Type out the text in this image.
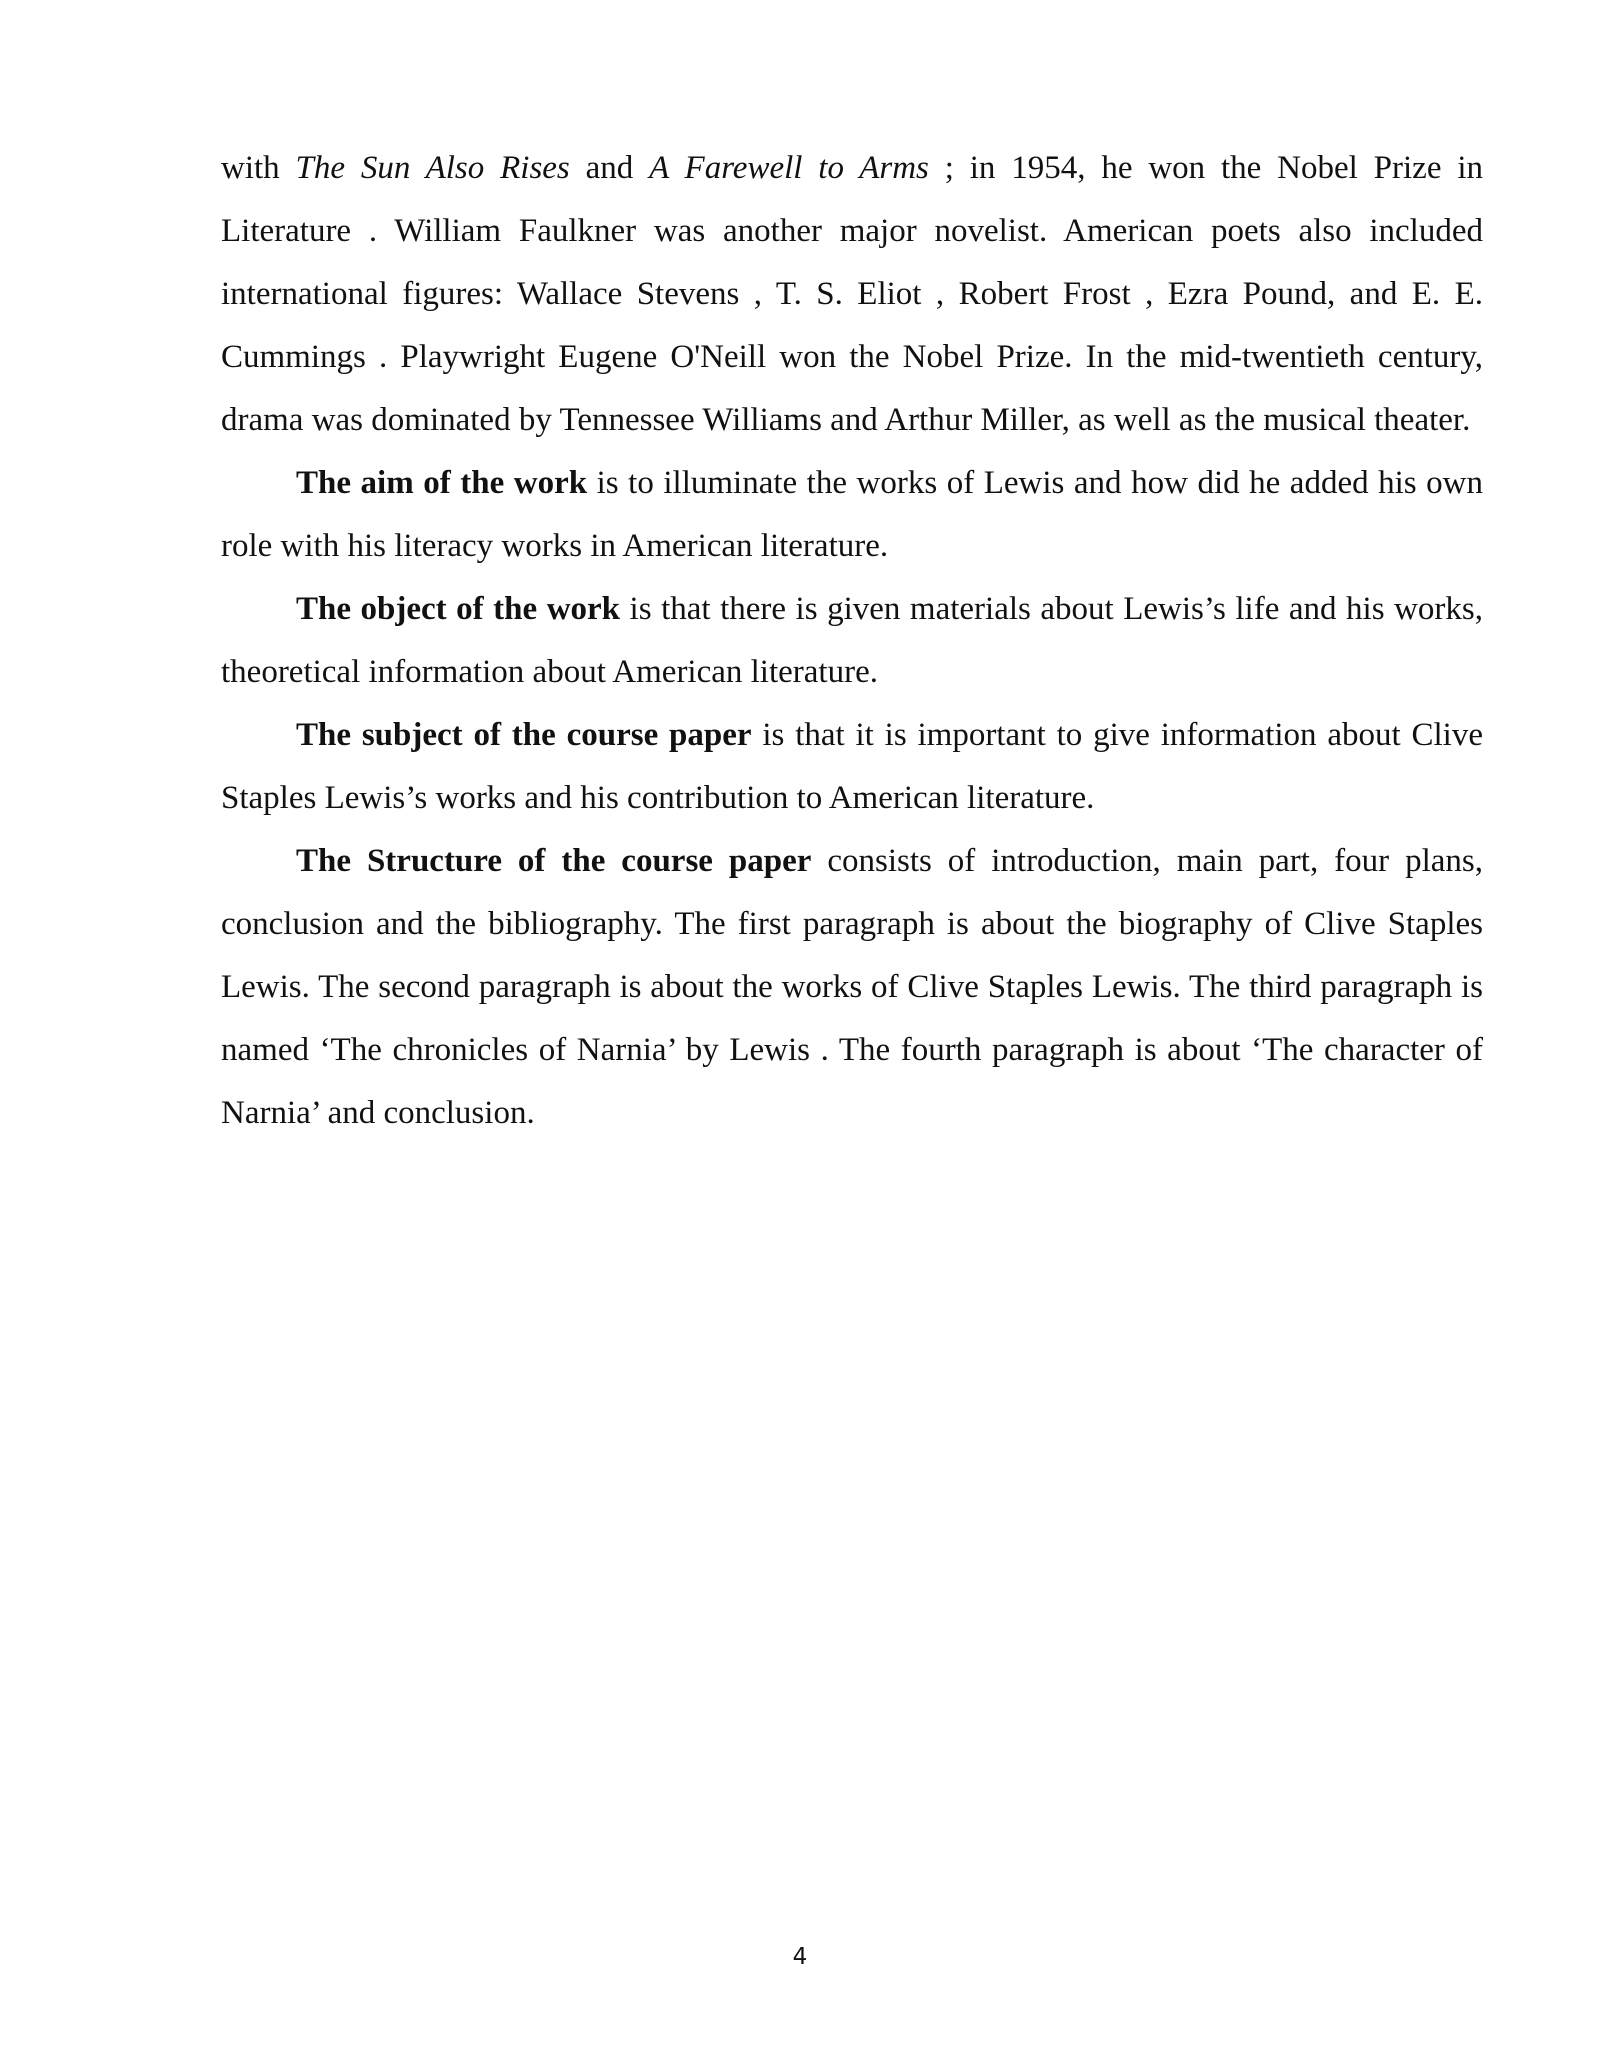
with The Sun Also Rises and A Farewell to Arms ; in 1954, he won the Nobel Prize in Literature . William Faulkner was another major novelist. American poets also included international figures: Wallace Stevens , T. S. Eliot , Robert Frost , Ezra Pound, and E. E. Cummings . Playwright Eugene O'Neill won the Nobel Prize. In the mid-twentieth century, drama was dominated by Tennessee Williams and Arthur Miller, as well as the musical theater.

The aim of the work is to illuminate the works of Lewis and how did he added his own role with his literacy works in American literature.

The object of the work is that there is given materials about Lewis’s life and his works, theoretical information about American literature.

The subject of the course paper is that it is important to give information about Clive Staples Lewis’s works and his contribution to American literature.

The Structure of the course paper consists of introduction, main part, four plans, conclusion and the bibliography. The first paragraph is about the biography of Clive Staples Lewis. The second paragraph is about the works of Clive Staples Lewis. The third paragraph is named ‘The chronicles of Narnia’ by Lewis . The fourth paragraph is about ‘The character of Narnia’ and conclusion.

4
